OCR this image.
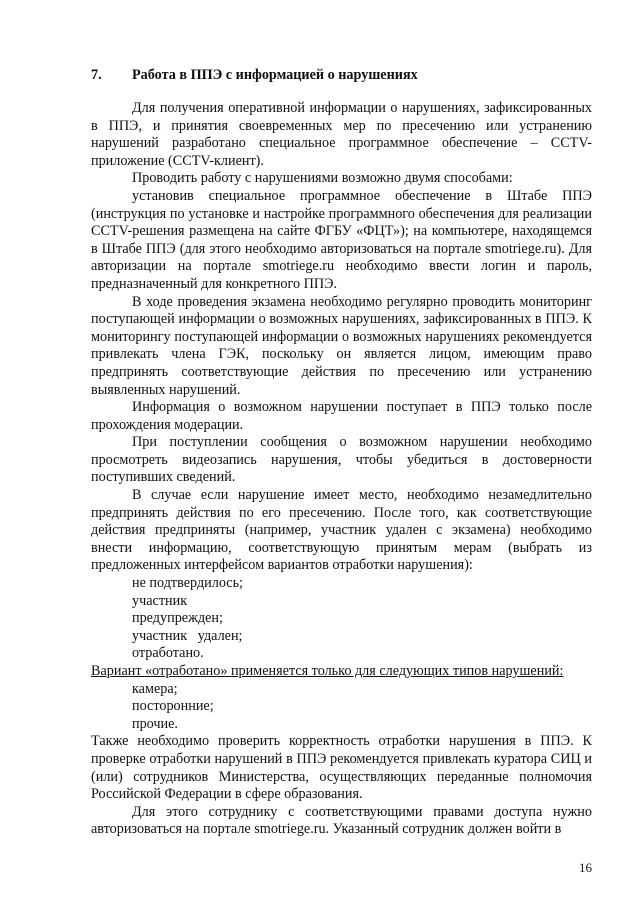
7. Работа в ППЭ с информацией о нарушениях

Для получения оперативной информации о нарушениях, зафиксированных в ППЭ, и принятия своевременных мер по пресечению или устранению нарушений разработано специальное программное обеспечение – CCTV-приложение (CCTV-клиент).

Проводить работу с нарушениями возможно двумя способами:

установив специальное программное обеспечение в Штабе ППЭ (инструкция по установке и настройке программного обеспечения для реализации CCTV-решения размещена на сайте ФГБУ «ФЦТ»); на компьютере, находящемся в Штабе ППЭ (для этого необходимо авторизоваться на портале smotriege.ru). Для авторизации на портале smotriege.ru необходимо ввести логин и пароль, предназначенный для конкретного ППЭ.

В ходе проведения экзамена необходимо регулярно проводить мониторинг поступающей информации о возможных нарушениях, зафиксированных в ППЭ. К мониторингу поступающей информации о возможных нарушениях рекомендуется привлекать члена ГЭК, поскольку он является лицом, имеющим право предпринять соответствующие действия по пресечению или устранению выявленных нарушений.

Информация о возможном нарушении поступает в ППЭ только после прохождения модерации.

При поступлении сообщения о возможном нарушении необходимо просмотреть видеозапись нарушения, чтобы убедиться в достоверности поступивших сведений.

В случае если нарушение имеет место, необходимо незамедлительно предпринять действия по его пресечению. После того, как соответствующие действия предприняты (например, участник удален с экзамена) необходимо внести информацию, соответствующую принятым мерам (выбрать из предложенных интерфейсом вариантов отработки нарушения):

не подтвердилось;

участник

предупрежден;

участник   удален;

отработано.

Вариант «отработано» применяется только для следующих типов нарушений:

камера;

посторонние;

прочие.

Также необходимо проверить корректность отработки нарушения в ППЭ. К проверке отработки нарушений в ППЭ рекомендуется привлекать куратора СИЦ и (или) сотрудников Министерства, осуществляющих переданные полномочия Российской Федерации в сфере образования.

Для этого сотруднику с соответствующими правами доступа нужно авторизоваться на портале smotriege.ru. Указанный сотрудник должен войти в

16
